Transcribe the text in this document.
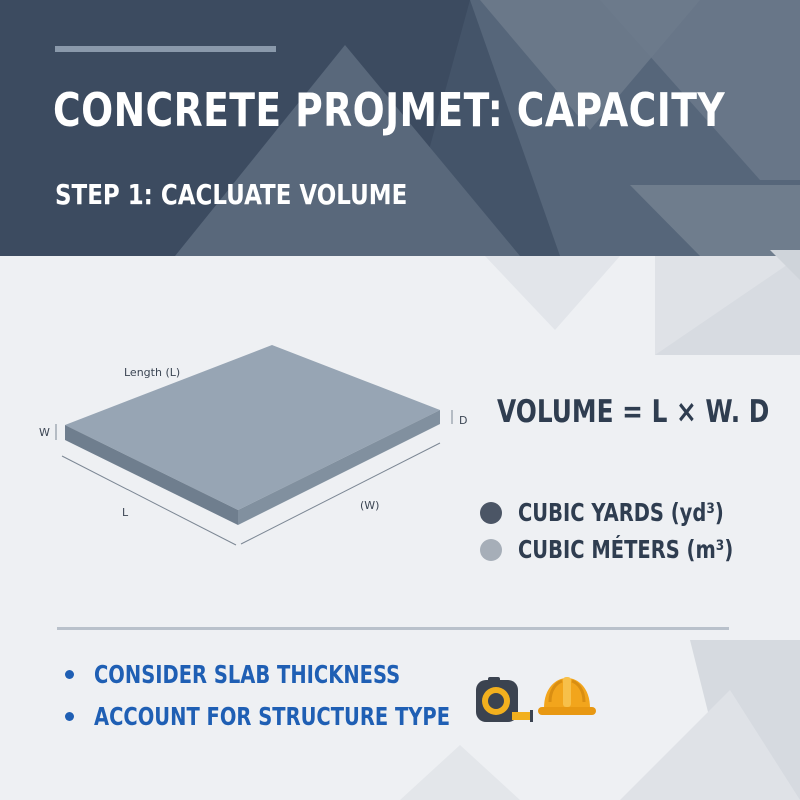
CONCRETE PROJMET: CAPACITY
STEP 1: CACLUATE VOLUME
Length (L)
W
D
L
(W)
VOLUME = L × W. D
CUBIC YARDS (yd³)
CUBIC MÉTERS (m³)
CONSIDER SLAB THICKNESS
ACCOUNT FOR STRUCTURE TYPE
